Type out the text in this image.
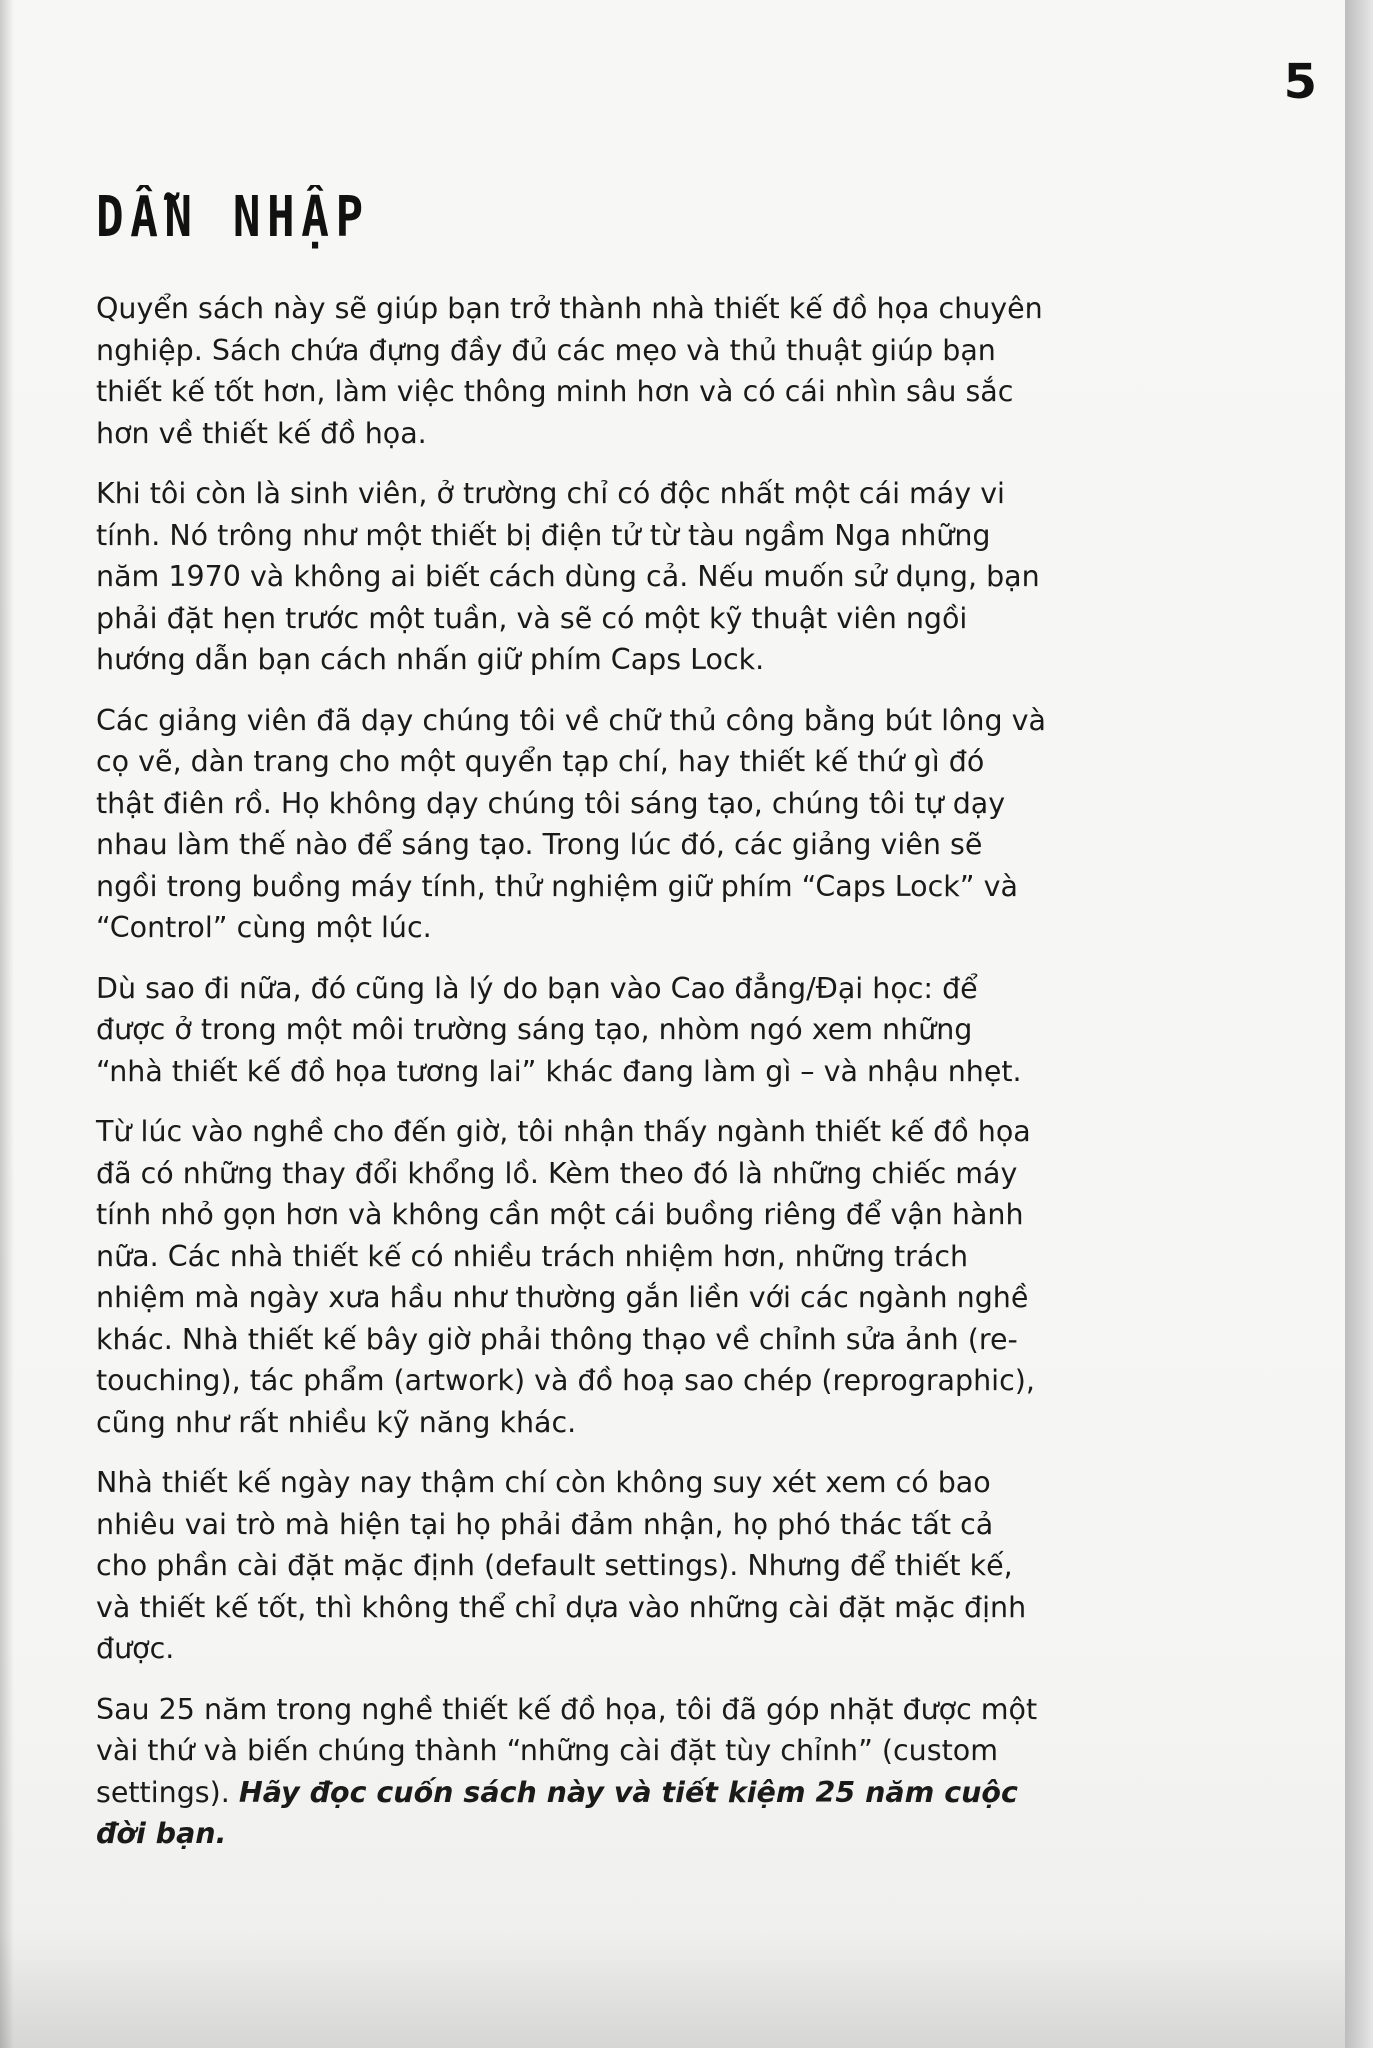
5
DẪN NHẬP

Quyển sách này sẽ giúp bạn trở thành nhà thiết kế đồ họa chuyên nghiệp. Sách chứa đựng đầy đủ các mẹo và thủ thuật giúp bạn thiết kế tốt hơn, làm việc thông minh hơn và có cái nhìn sâu sắc hơn về thiết kế đồ họa.

Khi tôi còn là sinh viên, ở trường chỉ có độc nhất một cái máy vi tính. Nó trông như một thiết bị điện tử từ tàu ngầm Nga những năm 1970 và không ai biết cách dùng cả. Nếu muốn sử dụng, bạn phải đặt hẹn trước một tuần, và sẽ có một kỹ thuật viên ngồi hướng dẫn bạn cách nhấn giữ phím Caps Lock.

Các giảng viên đã dạy chúng tôi về chữ thủ công bằng bút lông và cọ vẽ, dàn trang cho một quyển tạp chí, hay thiết kế thứ gì đó thật điên rồ. Họ không dạy chúng tôi sáng tạo, chúng tôi tự dạy nhau làm thế nào để sáng tạo. Trong lúc đó, các giảng viên sẽ ngồi trong buồng máy tính, thử nghiệm giữ phím “Caps Lock” và “Control” cùng một lúc.

Dù sao đi nữa, đó cũng là lý do bạn vào Cao đẳng/Đại học: để được ở trong một môi trường sáng tạo, nhòm ngó xem những “nhà thiết kế đồ họa tương lai” khác đang làm gì – và nhậu nhẹt.

Từ lúc vào nghề cho đến giờ, tôi nhận thấy ngành thiết kế đồ họa đã có những thay đổi khổng lồ. Kèm theo đó là những chiếc máy tính nhỏ gọn hơn và không cần một cái buồng riêng để vận hành nữa. Các nhà thiết kế có nhiều trách nhiệm hơn, những trách nhiệm mà ngày xưa hầu như thường gắn liền với các ngành nghề khác. Nhà thiết kế bây giờ phải thông thạo về chỉnh sửa ảnh (re-touching), tác phẩm (artwork) và đồ hoạ sao chép (reprographic), cũng như rất nhiều kỹ năng khác.

Nhà thiết kế ngày nay thậm chí còn không suy xét xem có bao nhiêu vai trò mà hiện tại họ phải đảm nhận, họ phó thác tất cả cho phần cài đặt mặc định (default settings). Nhưng để thiết kế, và thiết kế tốt, thì không thể chỉ dựa vào những cài đặt mặc định được.

Sau 25 năm trong nghề thiết kế đồ họa, tôi đã góp nhặt được một vài thứ và biến chúng thành “những cài đặt tùy chỉnh” (custom settings). Hãy đọc cuốn sách này và tiết kiệm 25 năm cuộc đời bạn.
